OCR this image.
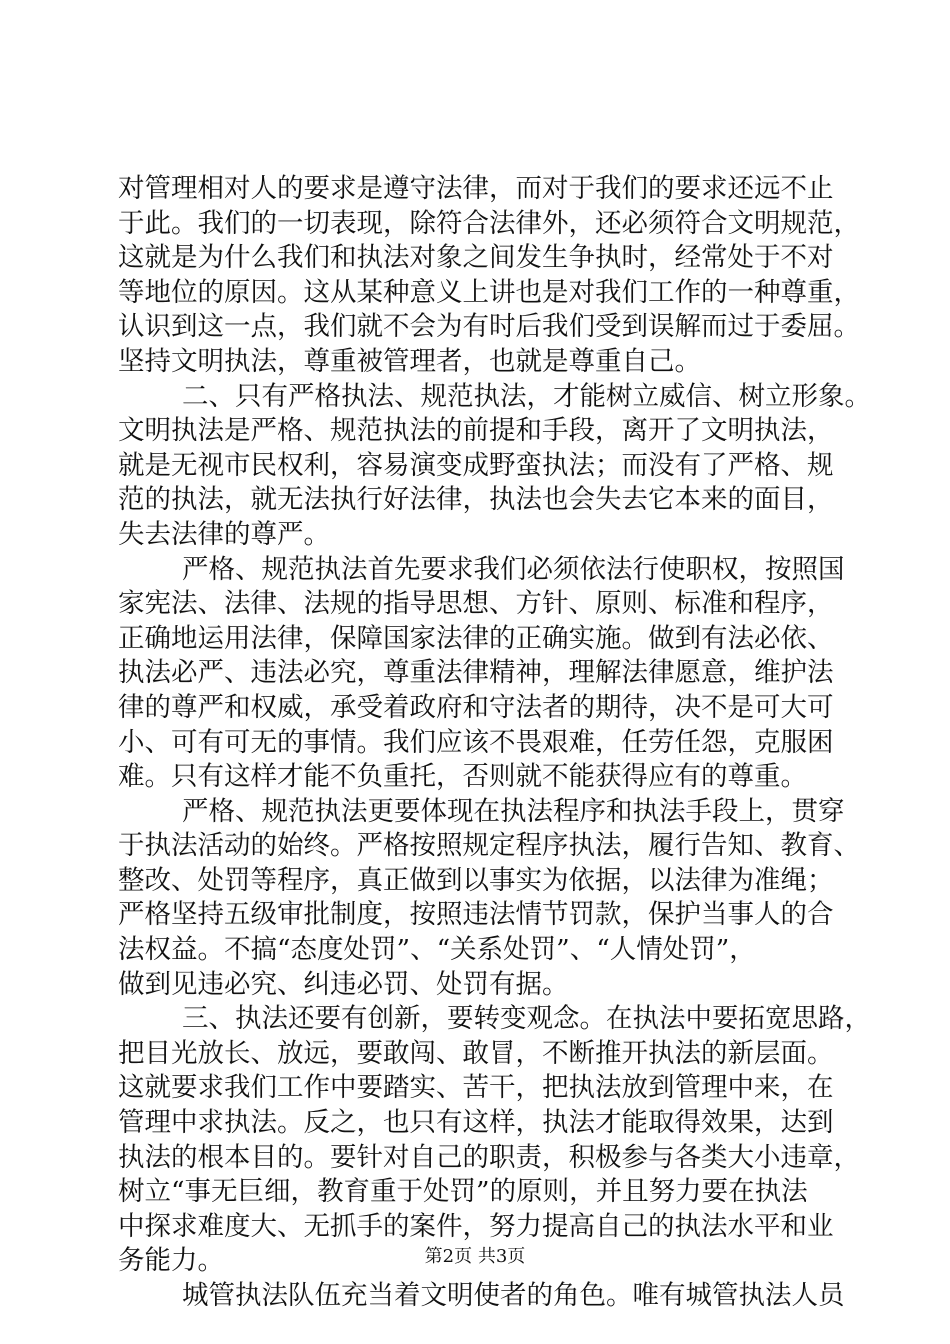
对管理相对人的要求是遵守法律，而对于我们的要求还远不止
于此。我们的一切表现，除符合法律外，还必须符合文明规范，
这就是为什么我们和执法对象之间发生争执时，经常处于不对
等地位的原因。这从某种意义上讲也是对我们工作的一种尊重，
认识到这一点，我们就不会为有时后我们受到误解而过于委屈。
坚持文明执法，尊重被管理者，也就是尊重自己。
二、只有严格执法、规范执法，才能树立威信、树立形象。
文明执法是严格、规范执法的前提和手段，离开了文明执法，
就是无视市民权利，容易演变成野蛮执法；而没有了严格、规
范的执法，就无法执行好法律，执法也会失去它本来的面目，
失去法律的尊严。
严格、规范执法首先要求我们必须依法行使职权，按照国
家宪法、法律、法规的指导思想、方针、原则、标准和程序，
正确地运用法律，保障国家法律的正确实施。做到有法必依、
执法必严、违法必究，尊重法律精神，理解法律愿意，维护法
律的尊严和权威，承受着政府和守法者的期待，决不是可大可
小、可有可无的事情。我们应该不畏艰难，任劳任怨，克服困
难。只有这样才能不负重托，否则就不能获得应有的尊重。
严格、规范执法更要体现在执法程序和执法手段上，贯穿
于执法活动的始终。严格按照规定程序执法，履行告知、教育、
整改、处罚等程序，真正做到以事实为依据，以法律为准绳；
严格坚持五级审批制度，按照违法情节罚款，保护当事人的合
法权益。不搞“态度处罚”、“关系处罚”、“人情处罚”，
做到见违必究、纠违必罚、处罚有据。
三、执法还要有创新，要转变观念。在执法中要拓宽思路，
把目光放长、放远，要敢闯、敢冒，不断推开执法的新层面。
这就要求我们工作中要踏实、苦干，把执法放到管理中来，在
管理中求执法。反之，也只有这样，执法才能取得效果，达到
执法的根本目的。要针对自己的职责，积极参与各类大小违章，
树立“事无巨细，教育重于处罚”的原则，并且努力要在执法
中探求难度大、无抓手的案件，努力提高自己的执法水平和业
务能力。
城管执法队伍充当着文明使者的角色。唯有城管执法人员
第2页 共3页
